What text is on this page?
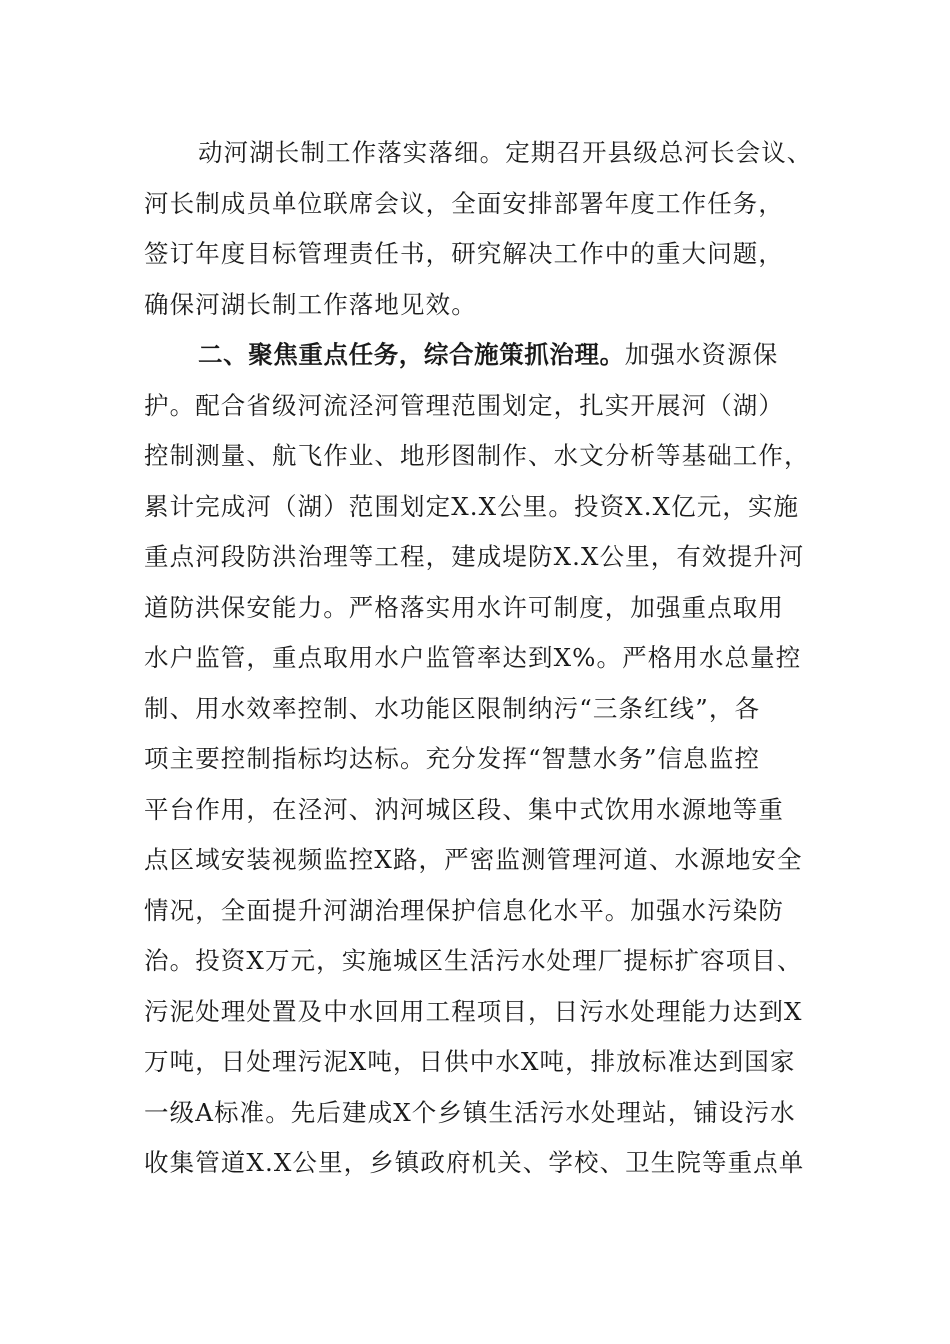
动河湖长制工作落实落细。定期召开县级总河长会议、
河长制成员单位联席会议，全面安排部署年度工作任务，
签订年度目标管理责任书，研究解决工作中的重大问题，
确保河湖长制工作落地见效。
二、聚焦重点任务，综合施策抓治理。加强水资源保
护。配合省级河流泾河管理范围划定，扎实开展河（湖）
控制测量、航飞作业、地形图制作、水文分析等基础工作，
累计完成河（湖）范围划定X.X公里。投资X.X亿元，实施
重点河段防洪治理等工程，建成堤防X.X公里，有效提升河
道防洪保安能力。严格落实用水许可制度，加强重点取用
水户监管，重点取用水户监管率达到X%。严格用水总量控
制、用水效率控制、水功能区限制纳污“三条红线”，各
项主要控制指标均达标。充分发挥“智慧水务”信息监控
平台作用，在泾河、汭河城区段、集中式饮用水源地等重
点区域安装视频监控X路，严密监测管理河道、水源地安全
情况，全面提升河湖治理保护信息化水平。加强水污染防
治。投资X万元，实施城区生活污水处理厂提标扩容项目、
污泥处理处置及中水回用工程项目，日污水处理能力达到X
万吨，日处理污泥X吨，日供中水X吨，排放标准达到国家
一级A标准。先后建成X个乡镇生活污水处理站，铺设污水
收集管道X.X公里，乡镇政府机关、学校、卫生院等重点单
